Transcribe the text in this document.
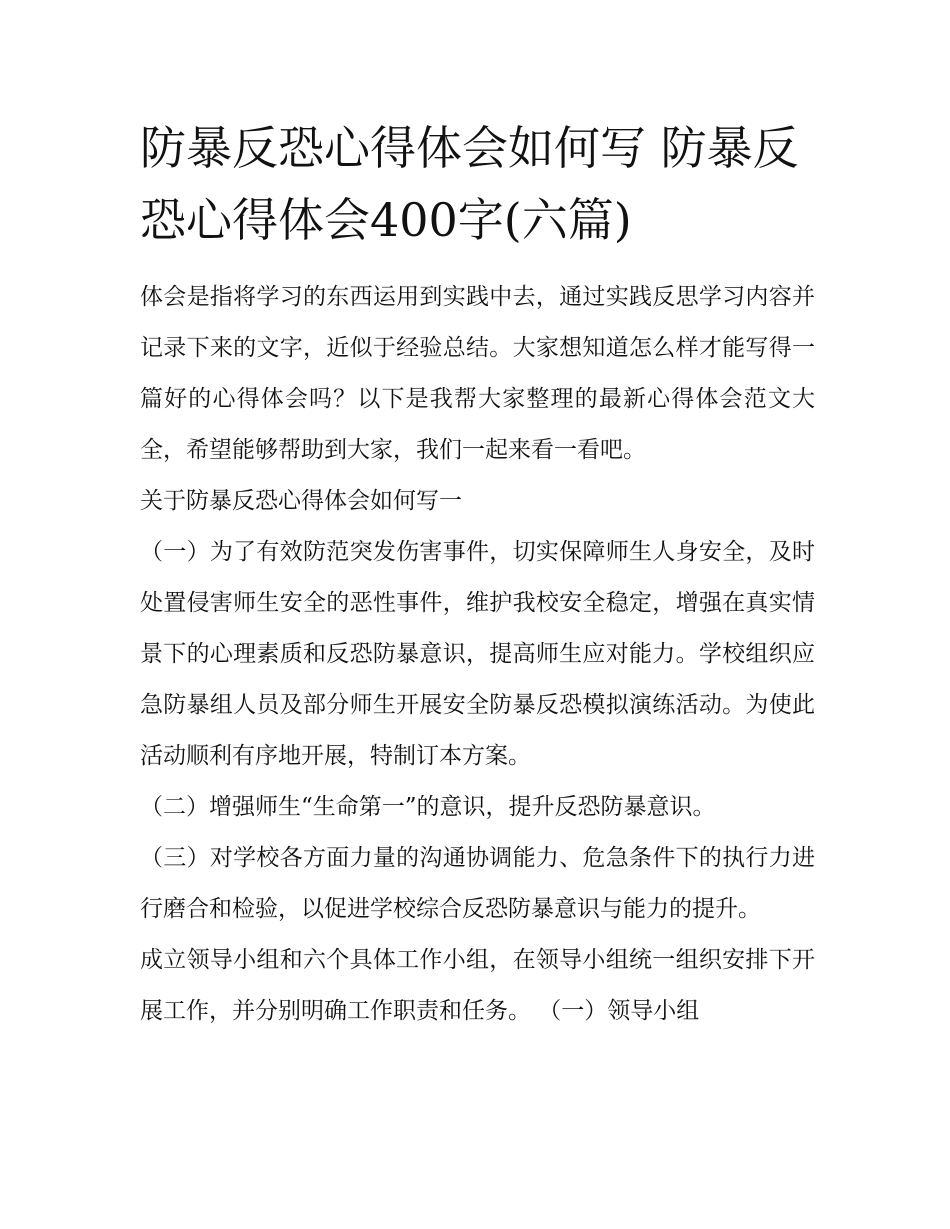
防暴反恐心得体会如何写 防暴反恐心得体会400字(六篇)

体会是指将学习的东西运用到实践中去，通过实践反思学习内容并记录下来的文字，近似于经验总结。大家想知道怎么样才能写得一篇好的心得体会吗？以下是我帮大家整理的最新心得体会范文大全，希望能够帮助到大家，我们一起来看一看吧。

关于防暴反恐心得体会如何写一

（一）为了有效防范突发伤害事件，切实保障师生人身安全，及时处置侵害师生安全的恶性事件，维护我校安全稳定，增强在真实情景下的心理素质和反恐防暴意识，提高师生应对能力。学校组织应急防暴组人员及部分师生开展安全防暴反恐模拟演练活动。为使此活动顺利有序地开展，特制订本方案。

（二）增强师生“生命第一”的意识，提升反恐防暴意识。

（三）对学校各方面力量的沟通协调能力、危急条件下的执行力进行磨合和检验，以促进学校综合反恐防暴意识与能力的提升。

成立领导小组和六个具体工作小组，在领导小组统一组织安排下开展工作，并分别明确工作职责和任务。 （一）领导小组
